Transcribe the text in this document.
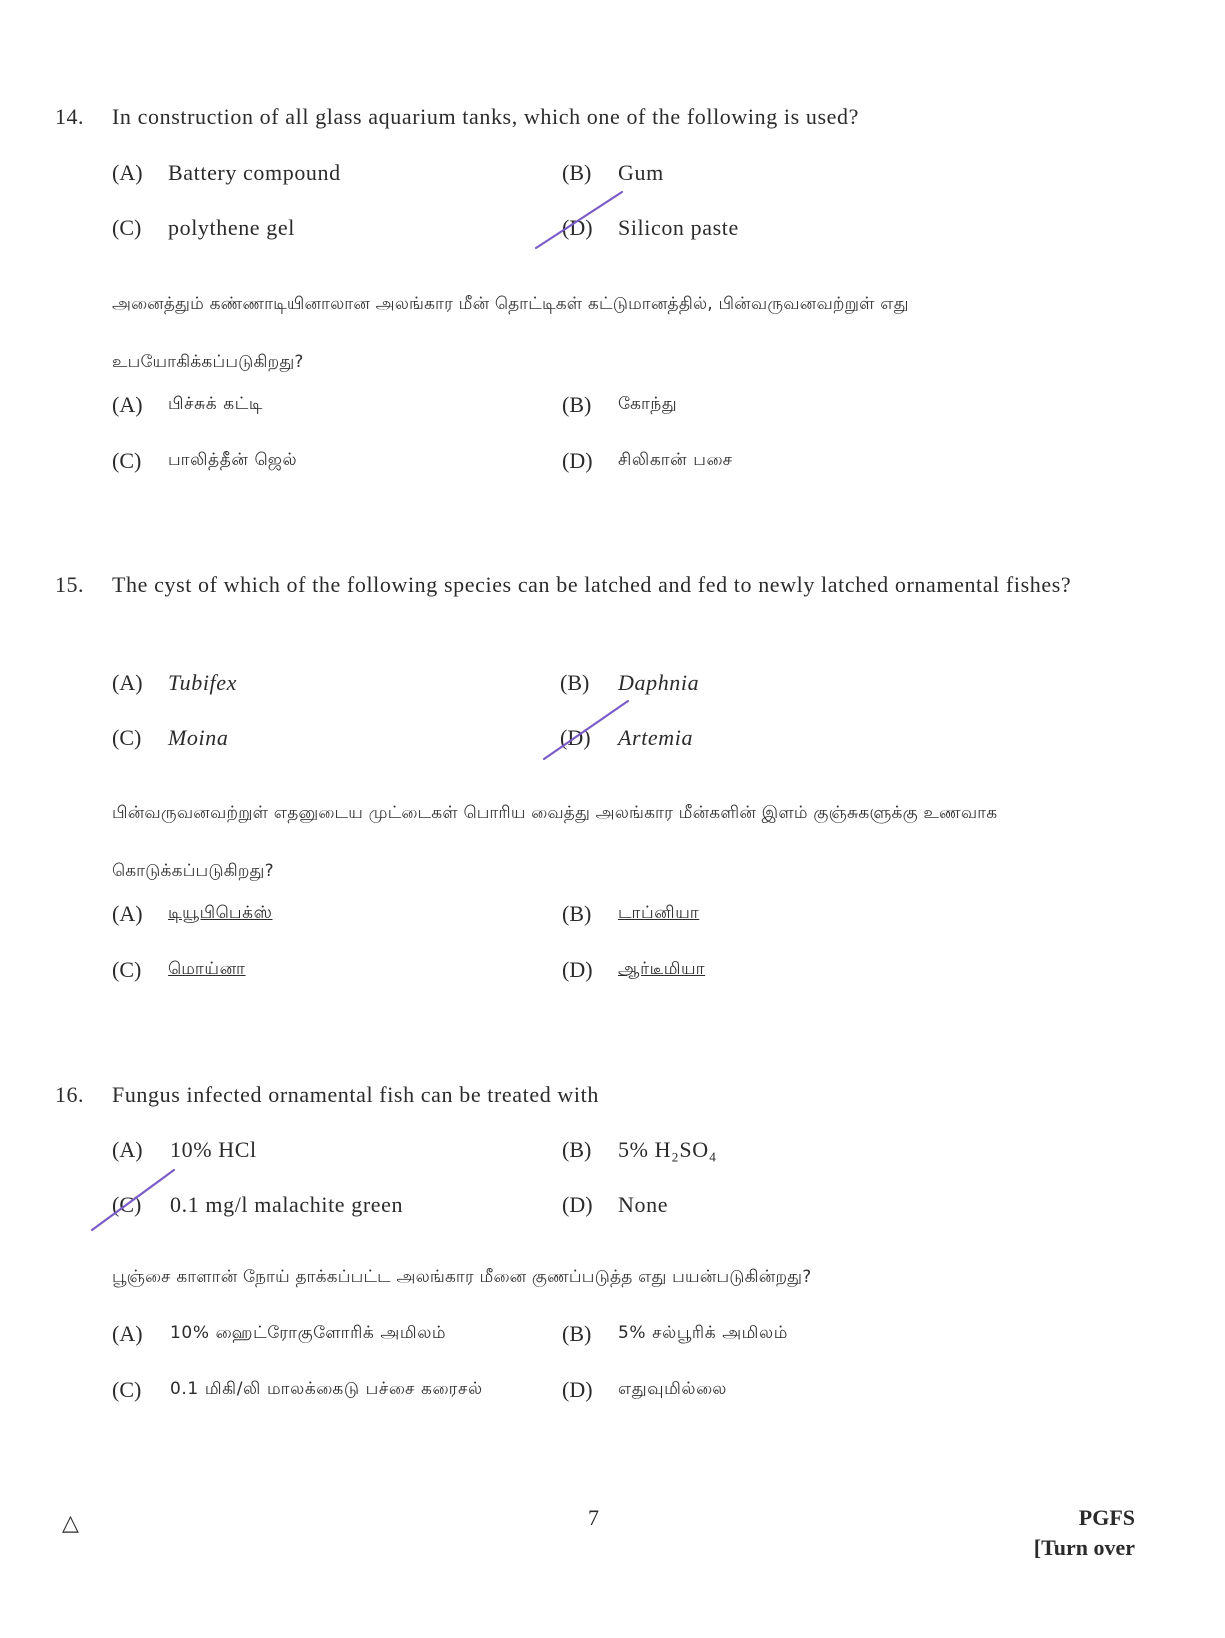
14. In construction of all glass aquarium tanks, which one of the following is used?
(A) Battery compound	(B) Gum
(C) polythene gel	(D) Silicon paste
அனைத்தும் கண்ணாடியினாலான அலங்கார மீன் தொட்டிகள் கட்டுமானத்தில், பின்வருவனவற்றுள் எது உபயோகிக்கப்படுகிறது?
(A) பிச்சுக் கட்டி	(B) கோந்து
(C) பாலித்தீன் ஜெல்	(D) சிலிகான் பசை
15. The cyst of which of the following species can be latched and fed to newly latched ornamental fishes?
(A) Tubifex	(B) Daphnia
(C) Moina	(D) Artemia
பின்வருவனவற்றுள் எதனுடைய முட்டைகள் பொரிய வைத்து அலங்கார மீன்களின் இளம் குஞ்சுகளுக்கு உணவாக கொடுக்கப்படுகிறது?
(A) டியூபிபெக்ஸ்	(B) டாப்னியா
(C) மொய்னா	(D) ஆர்டீமியா
16. Fungus infected ornamental fish can be treated with
(A) 10% HCl	(B) 5% H₂SO₄
(C) 0.1 mg/l malachite green	(D) None
பூஞ்சை காளான் நோய் தாக்கப்பட்ட அலங்கார மீனை குணப்படுத்த எது பயன்படுகின்றது?
(A) 10% ஹைட்ரோகுளோரிக் அமிலம்	(B) 5% சல்பூரிக் அமிலம்
(C) 0.1 மிகி/லி மாலக்கைடு பச்சை கரைசல்	(D) எதுவுமில்லை
△	7	PGFS
[Turn over
